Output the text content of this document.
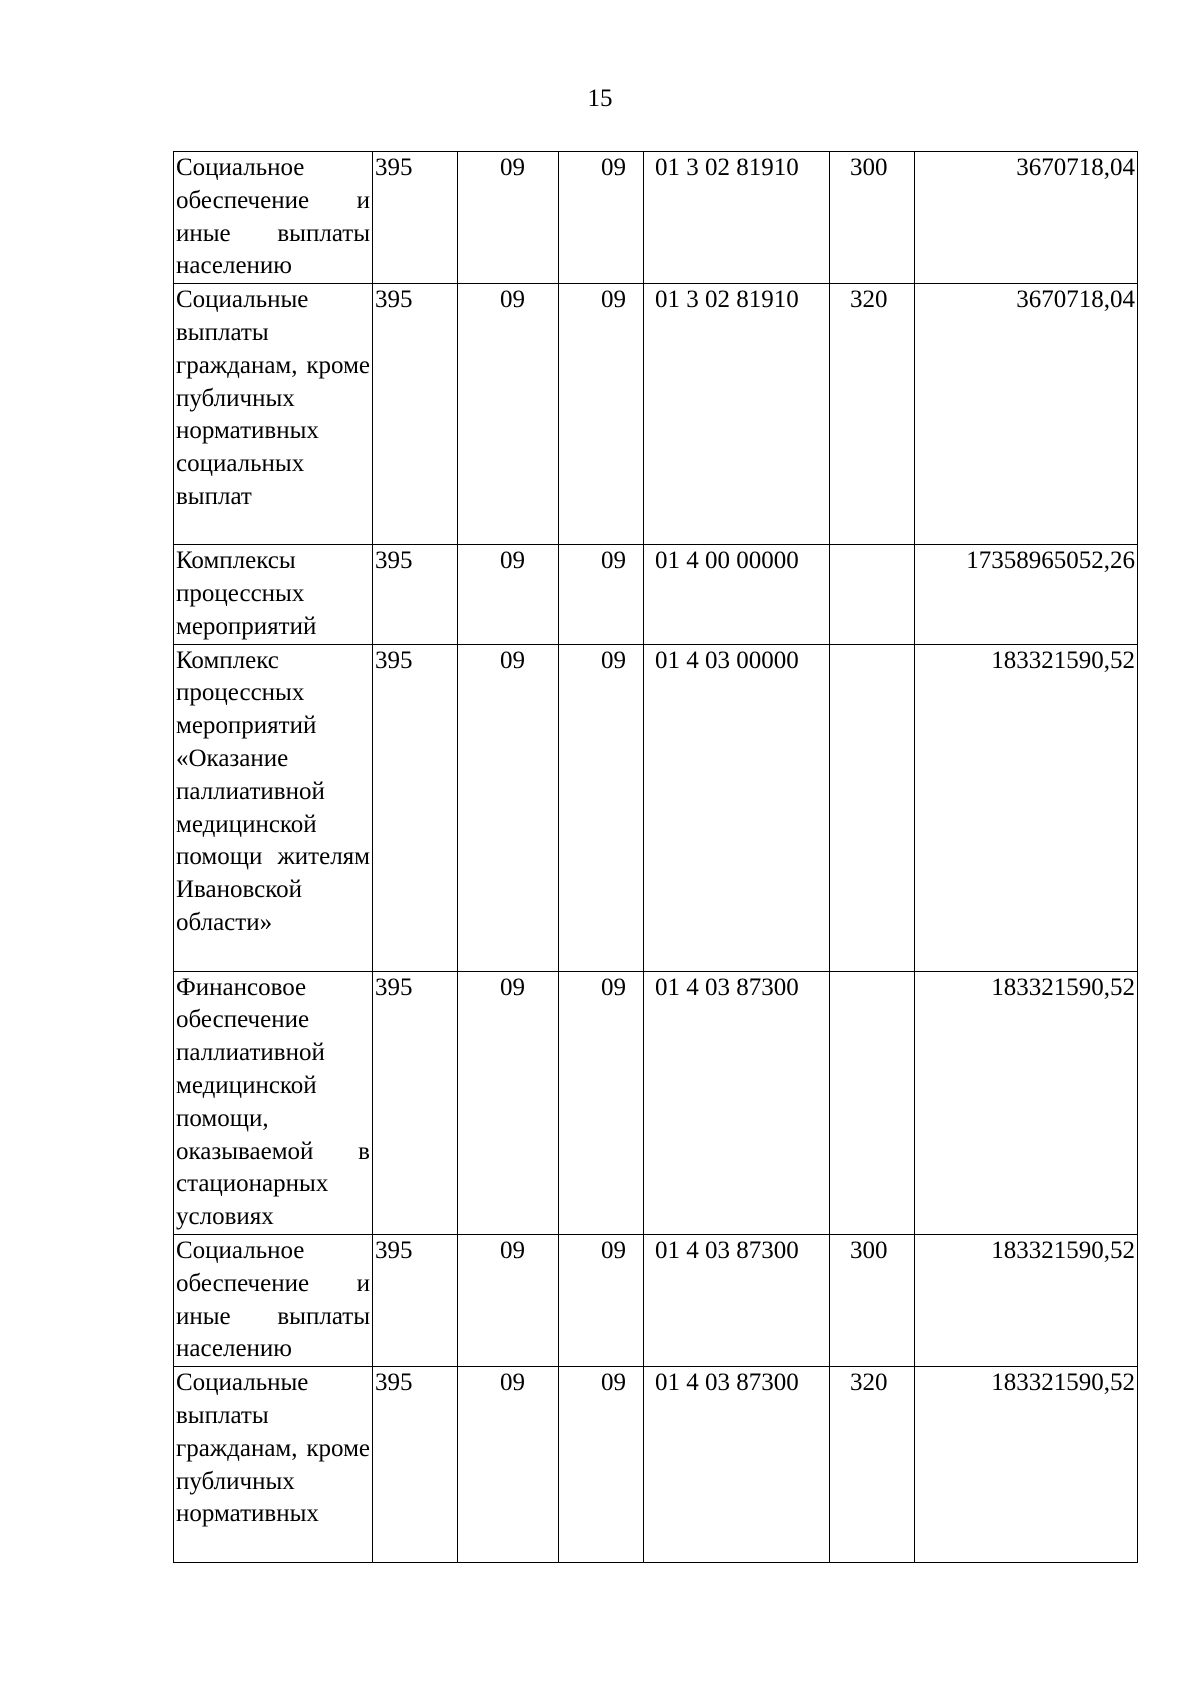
15
Социальное обеспечение и иные выплаты населению	395	09	09	01 3 02 81910	300	3670718,04

Социальные выплаты гражданам, кроме публичных нормативных социальных выплат	395	09	09	01 3 02 81910	320	3670718,04

Комплексы процессных мероприятий	395	09	09	01 4 00 00000		17358965052,26

Комплекс процессных мероприятий «Оказание паллиативной медицинской помощи жителям Ивановской области»	395	09	09	01 4 03 00000		183321590,52

Финансовое обеспечение паллиативной медицинской помощи, оказываемой в стационарных условиях	395	09	09	01 4 03 87300		183321590,52

Социальное обеспечение и иные выплаты населению	395	09	09	01 4 03 87300	300	183321590,52

Социальные выплаты гражданам, кроме публичных нормативных	395	09	09	01 4 03 87300	320	183321590,52
